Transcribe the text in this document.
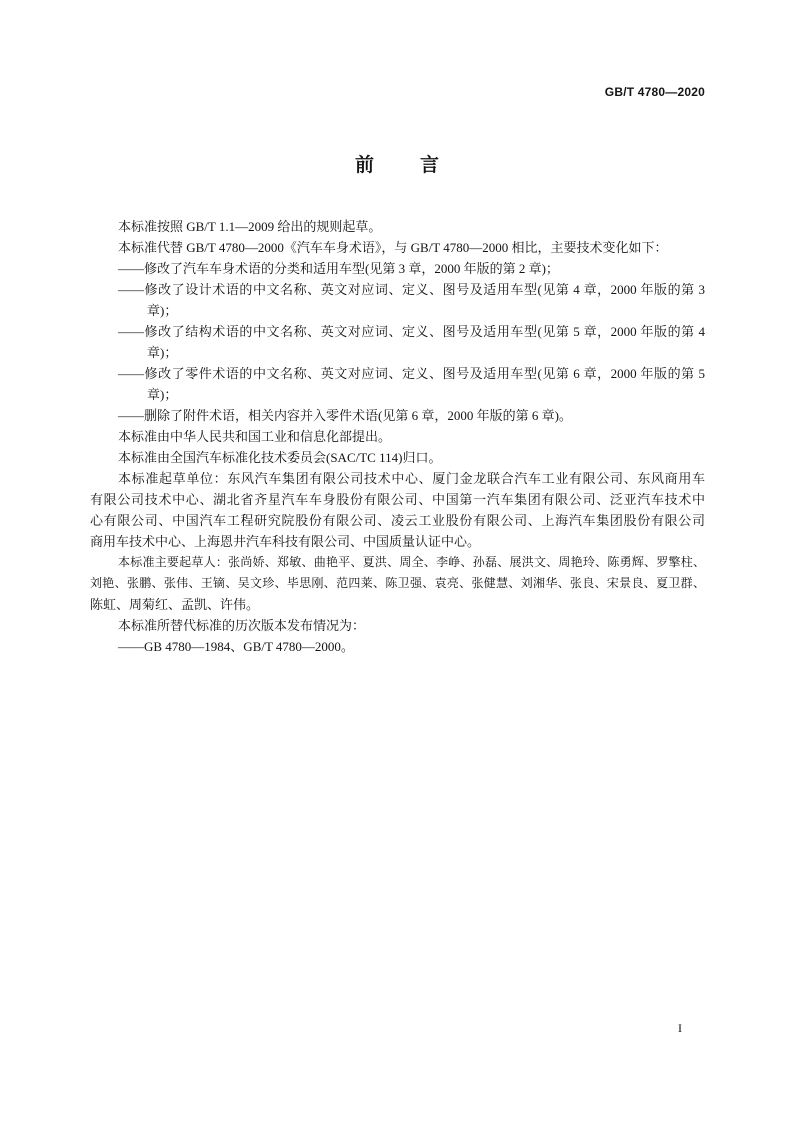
GB/T 4780—2020
前　言
本标准按照 GB/T 1.1—2009 给出的规则起草。
本标准代替 GB/T 4780—2000《汽车车身术语》，与 GB/T 4780—2000 相比，主要技术变化如下：
——修改了汽车车身术语的分类和适用车型(见第 3 章，2000 年版的第 2 章)；
——修改了设计术语的中文名称、英文对应词、定义、图号及适用车型(见第 4 章，2000 年版的第 3
章)；
——修改了结构术语的中文名称、英文对应词、定义、图号及适用车型(见第 5 章，2000 年版的第 4
章)；
——修改了零件术语的中文名称、英文对应词、定义、图号及适用车型(见第 6 章，2000 年版的第 5
章)；
——删除了附件术语，相关内容并入零件术语(见第 6 章，2000 年版的第 6 章)。
本标准由中华人民共和国工业和信息化部提出。
本标准由全国汽车标准化技术委员会(SAC/TC 114)归口。
本标准起草单位：东风汽车集团有限公司技术中心、厦门金龙联合汽车工业有限公司、东风商用车
有限公司技术中心、湖北省齐星汽车车身股份有限公司、中国第一汽车集团有限公司、泛亚汽车技术中
心有限公司、中国汽车工程研究院股份有限公司、凌云工业股份有限公司、上海汽车集团股份有限公司
商用车技术中心、上海恩井汽车科技有限公司、中国质量认证中心。
本标准主要起草人：张尚娇、郑敏、曲艳平、夏洪、周全、李峥、孙磊、展洪文、周艳玲、陈勇辉、罗擎柱、
刘艳、张鹏、张伟、王镝、吴文珍、毕思刚、范四莱、陈卫强、袁亮、张健慧、刘湘华、张良、宋景良、夏卫群、
陈虹、周菊红、孟凯、许伟。
本标准所替代标准的历次版本发布情况为：
——GB 4780—1984、GB/T 4780—2000。
I
